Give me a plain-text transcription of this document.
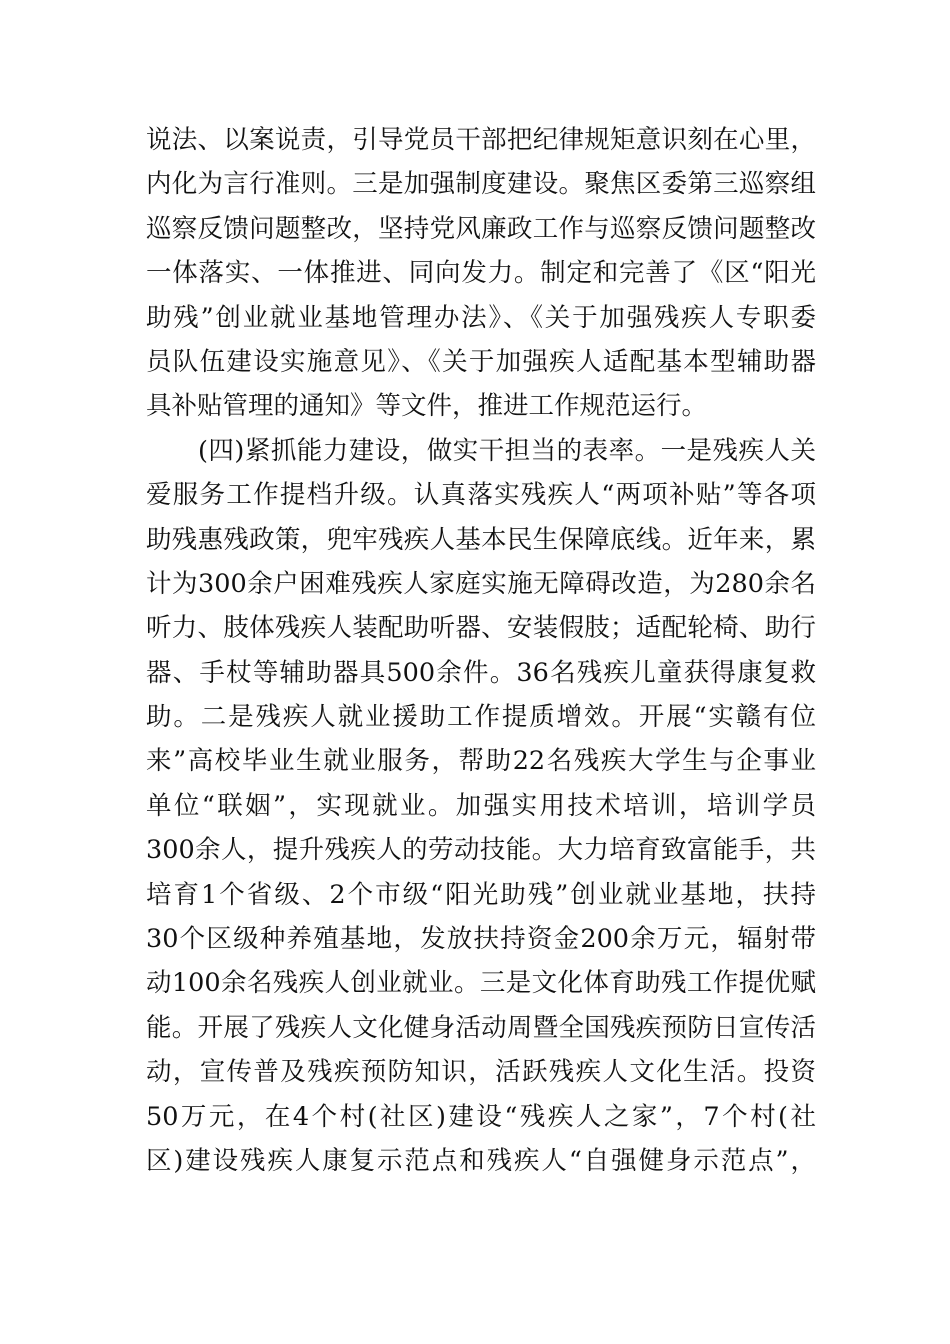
说法、以案说责，引导党员干部把纪律规矩意识刻在心里，
内化为言行准则。三是加强制度建设。聚焦区委第三巡察组
巡察反馈问题整改，坚持党风廉政工作与巡察反馈问题整改
一体落实、一体推进、同向发力。制定和完善了《区“阳光
助残”创业就业基地管理办法》、《关于加强残疾人专职委
员队伍建设实施意见》、《关于加强疾人适配基本型辅助器
具补贴管理的通知》等文件，推进工作规范运行。
(四)紧抓能力建设，做实干担当的表率。一是残疾人关
爱服务工作提档升级。认真落实残疾人“两项补贴”等各项
助残惠残政策，兜牢残疾人基本民生保障底线。近年来，累
计为300余户困难残疾人家庭实施无障碍改造，为280余名
听力、肢体残疾人装配助听器、安装假肢；适配轮椅、助行
器、手杖等辅助器具500余件。36名残疾儿童获得康复救
助。二是残疾人就业援助工作提质增效。开展“实赣有位
来”高校毕业生就业服务，帮助22名残疾大学生与企事业
单位“联姻”，实现就业。加强实用技术培训，培训学员
300余人，提升残疾人的劳动技能。大力培育致富能手，共
培育1个省级、2个市级“阳光助残”创业就业基地，扶持
30个区级种养殖基地，发放扶持资金200余万元，辐射带
动100余名残疾人创业就业。三是文化体育助残工作提优赋
能。开展了残疾人文化健身活动周暨全国残疾预防日宣传活
动，宣传普及残疾预防知识，活跃残疾人文化生活。投资
50万元，在4个村(社区)建设“残疾人之家”，7个村(社
区)建设残疾人康复示范点和残疾人“自强健身示范点”，
